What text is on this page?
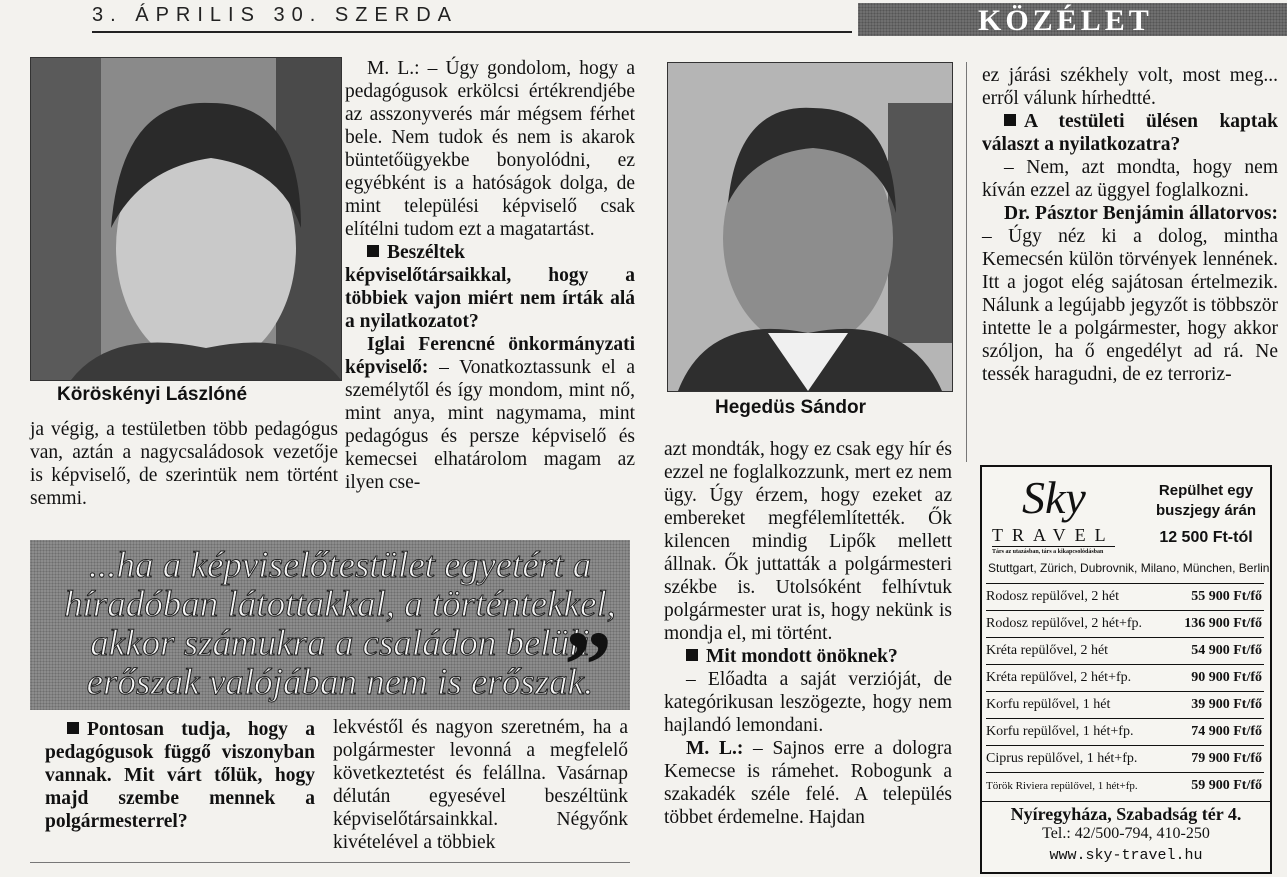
3. ÁPRILIS 30. SZERDA	KÖZÉLET
Köröskényi Lászlóné

ja végig, a testületben több pedagógus van, aztán a nagycsaládosok vezetője is képviselő, de szerintük nem történt semmi.

M. L.: – Úgy gondolom, hogy a pedagógusok erkölcsi értékrendjébe az asszonyverés már mégsem férhet bele. Nem tudok és nem is akarok büntetőügyekbe bonyolódni, ez egyébként is a hatóságok dolga, de mint települési képviselő csak elítélni tudom ezt a magatartást.

Beszéltek képviselőtársaikkal, hogy a többiek vajon miért nem írták alá a nyilatkozatot?

Iglai Ferencné önkormányzati képviselő: – Vonatkoztassunk el a személytől és így mondom, mint nő, mint anya, mint nagymama, mint pedagógus és persze képviselő és kemecsei elhatárolom magam az ilyen cse-

Hegedüs Sándor

azt mondták, hogy ez csak egy hír és ezzel ne foglalkozzunk, mert ez nem ügy. Úgy érzem, hogy ezeket az embereket megfélemlítették. Ők kilencen mindig Lipők mellett állnak. Ők juttatták a polgármesteri székbe is. Utolsóként felhívtuk polgármester urat is, hogy nekünk is mondja el, mi történt.

Mit mondott önöknek?

– Előadta a saját verzióját, de kategórikusan leszögezte, hogy nem hajlandó lemondani.

M. L.: – Sajnos erre a dologra Kemecse is rámehet. Robogunk a szakadék széle felé. A település többet érdemelne. Hajdan

ez járási székhely volt, most meg... erről válunk hírhedtté.

A testületi ülésen kaptak választ a nyilatkozatra?

– Nem, azt mondta, hogy nem kíván ezzel az üggyel foglalkozni.

Dr. Pásztor Benjámin állatorvos: – Úgy néz ki a dolog, mintha Kemecsén külön törvények lennének. Itt a jogot elég sajátosan értelmezik. Nálunk a legújabb jegyzőt is többször intette le a polgármester, hogy akkor szóljon, ha ő engedélyt ad rá. Ne tessék haragudni, de ez terroriz-

...ha a képviselőtestület egyetért a híradóban látottakkal, a történtekkel, akkor számukra a családon belüli erőszak valójában nem is erőszak.

”

Pontosan tudja, hogy a pedagógusok függő viszonyban vannak. Mit várt tőlük, hogy majd szembe mennek a polgármesterrel?

lekvéstől és nagyon szeretném, ha a polgármester levonná a megfelelő következtetést és felállna. Vasárnap délután egyesével beszéltünk képviselőtársainkkal. Négyőnk kivételével a többiek

Sky
TRAVEL
Társ az utazásban, társ a kikapcsolódásban
Repülhet egy buszjegy árán
12 500 Ft-tól
Stuttgart, Zürich, Dubrovnik, Milano, München, Berlin
Rodosz repülővel, 2 hét	55 900 Ft/fő
Rodosz repülővel, 2 hét+fp.	136 900 Ft/fő
Kréta repülővel, 2 hét	54 900 Ft/fő
Kréta repülővel, 2 hét+fp.	90 900 Ft/fő
Korfu repülővel, 1 hét	39 900 Ft/fő
Korfu repülővel, 1 hét+fp.	74 900 Ft/fő
Ciprus repülővel, 1 hét+fp.	79 900 Ft/fő
Török Riviera repülővel, 1 hét+fp.	59 900 Ft/fő
Nyíregyháza, Szabadság tér 4.
Tel.: 42/500-794, 410-250
www.sky-travel.hu
